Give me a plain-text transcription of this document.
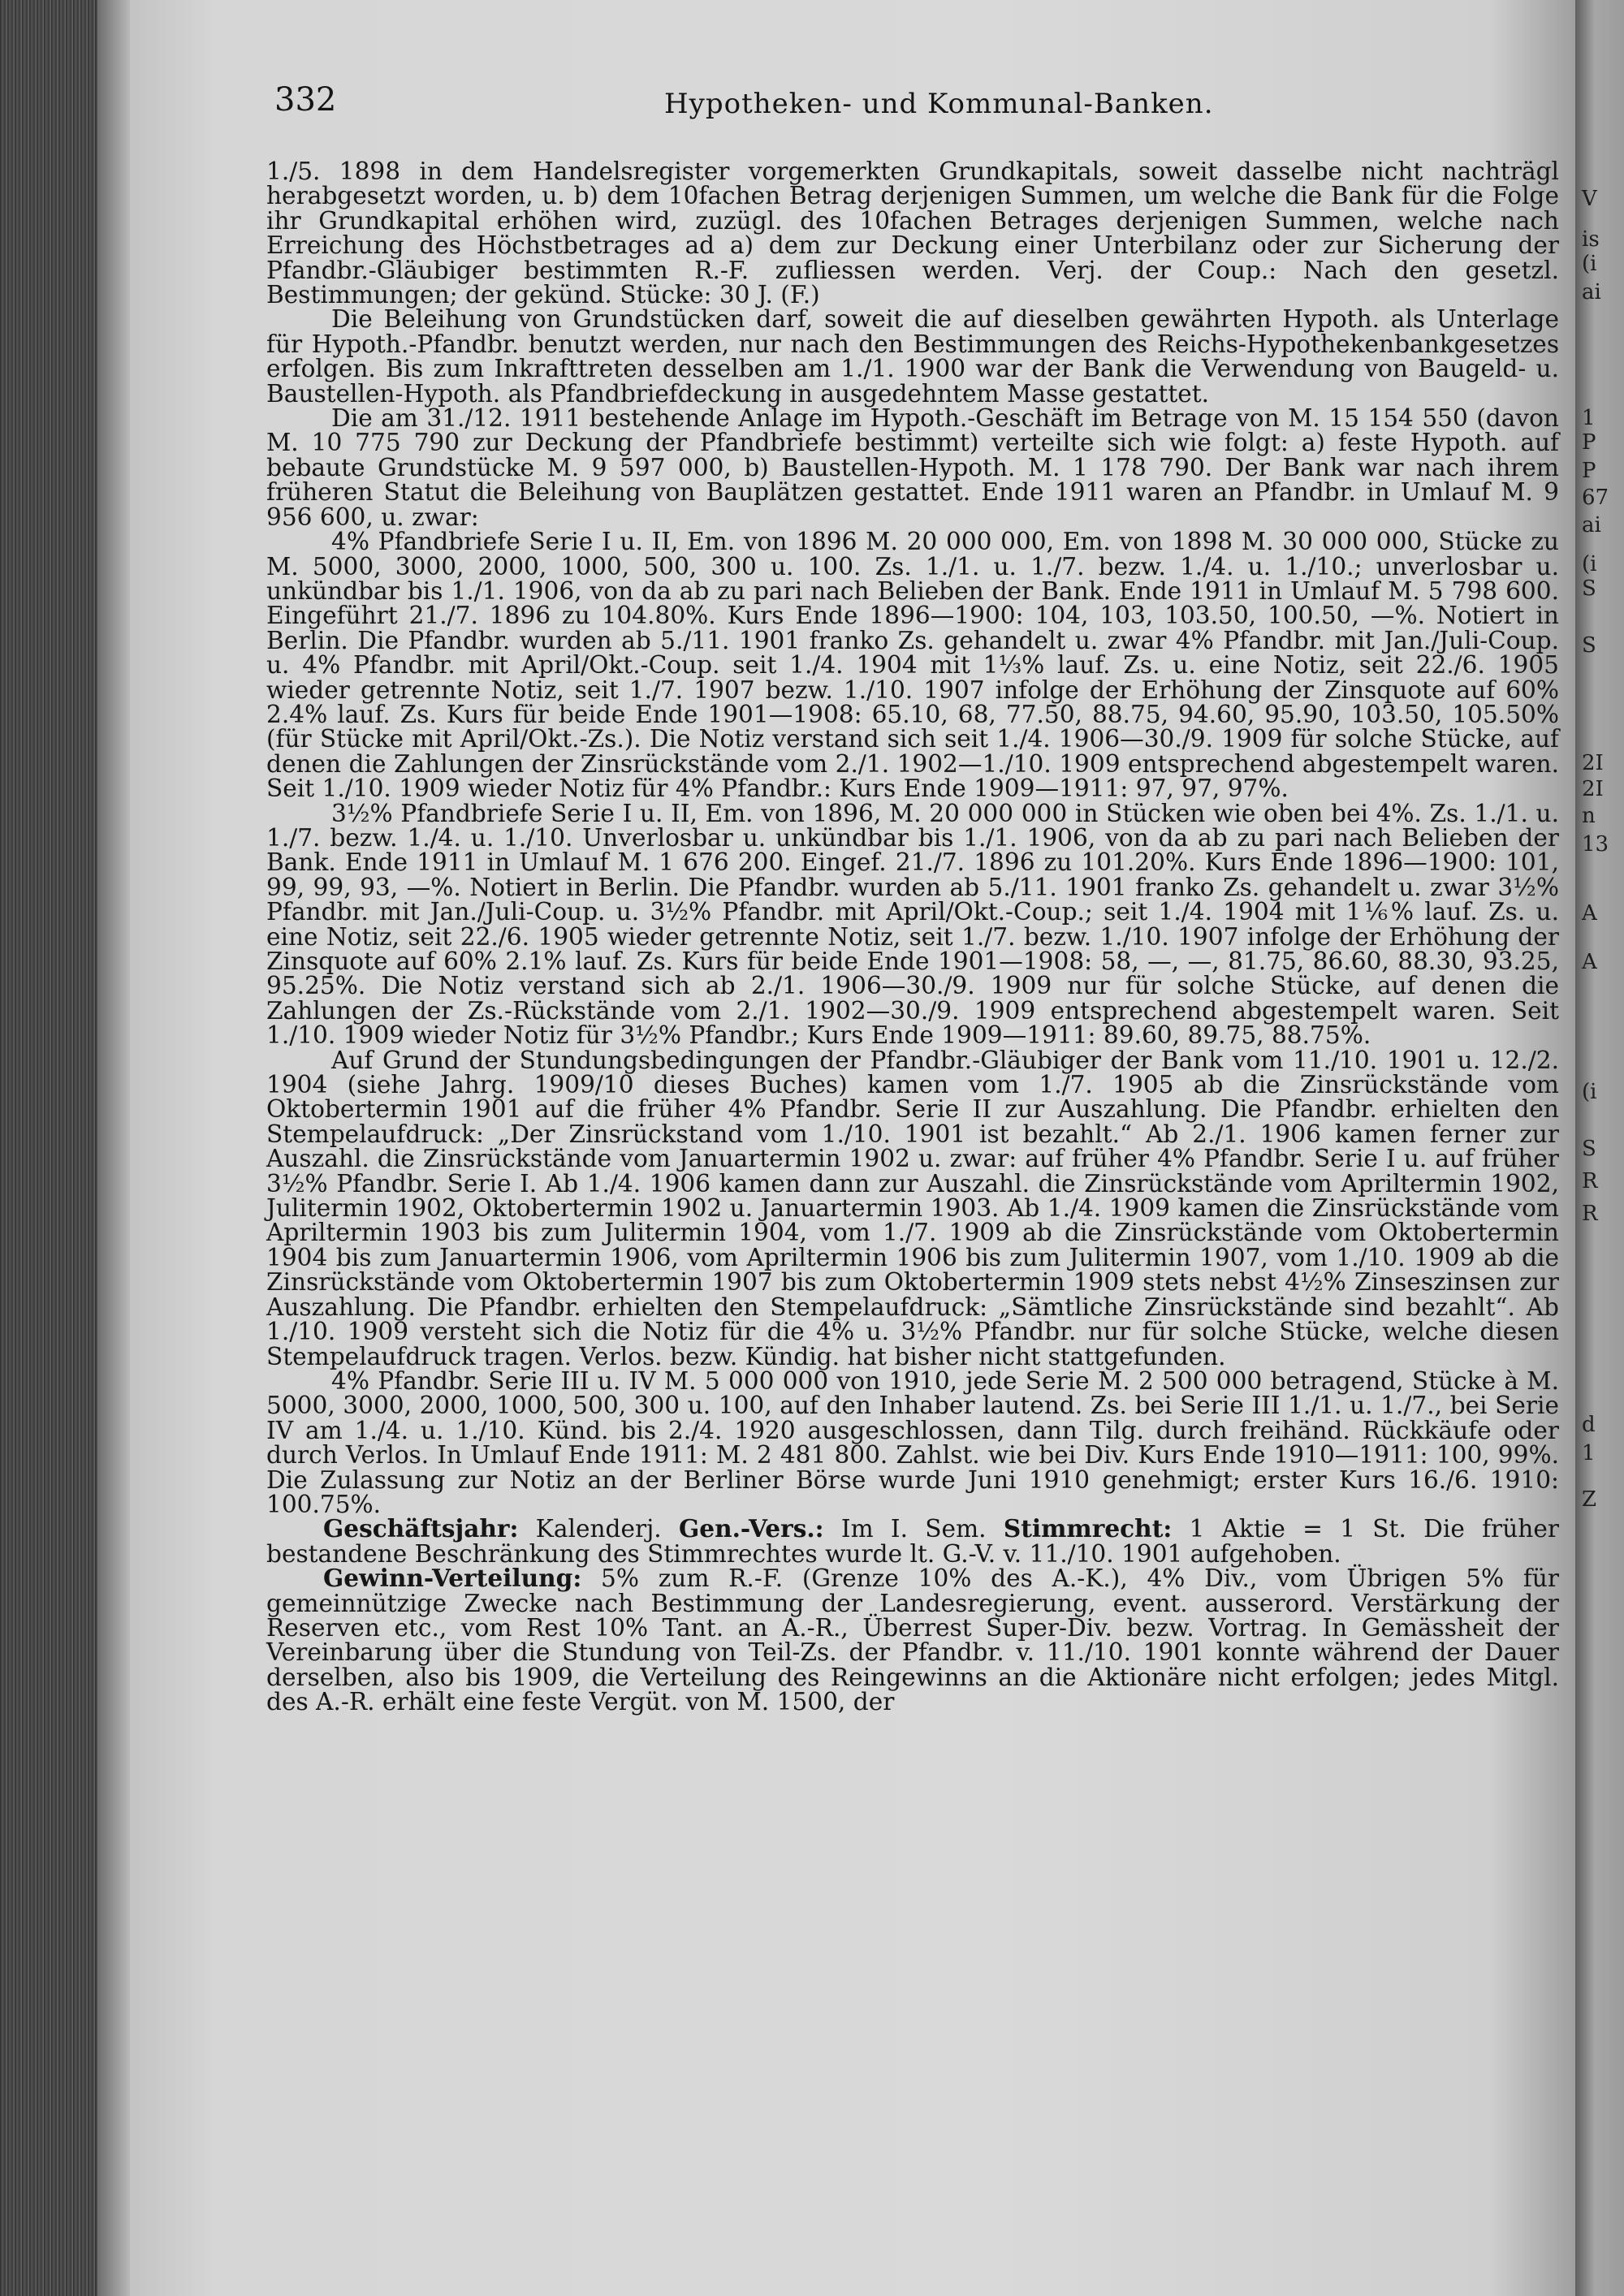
V
is
(i
ai
1
P
P
67
ai
(i
S
S
2I
2I
n
13
A
A
(i
S
R
R
d
1
Z
332	Hypotheken- und Kommunal-Banken.

1./5. 1898 in dem Handelsregister vorgemerkten Grundkapitals, soweit dasselbe nicht nachträgl herabgesetzt worden, u. b) dem 10fachen Betrag derjenigen Summen, um welche die Bank für die Folge ihr Grundkapital erhöhen wird, zuzügl. des 10fachen Betrages derjenigen Summen, welche nach Erreichung des Höchstbetrages ad a) dem zur Deckung einer Unterbilanz oder zur Sicherung der Pfandbr.-Gläubiger bestimmten R.-F. zufliessen werden. Verj. der Coup.: Nach den gesetzl. Bestimmungen; der gekünd. Stücke: 30 J. (F.)

Die Beleihung von Grundstücken darf, soweit die auf dieselben gewährten Hypoth. als Unterlage für Hypoth.-Pfandbr. benutzt werden, nur nach den Bestimmungen des Reichs-Hypothekenbankgesetzes erfolgen. Bis zum Inkrafttreten desselben am 1./1. 1900 war der Bank die Verwendung von Baugeld- u. Baustellen-Hypoth. als Pfandbriefdeckung in ausgedehntem Masse gestattet.

Die am 31./12. 1911 bestehende Anlage im Hypoth.-Geschäft im Betrage von M. 15 154 550 (davon M. 10 775 790 zur Deckung der Pfandbriefe bestimmt) verteilte sich wie folgt: a) feste Hypoth. auf bebaute Grundstücke M. 9 597 000, b) Baustellen-Hypoth. M. 1 178 790. Der Bank war nach ihrem früheren Statut die Beleihung von Bauplätzen gestattet. Ende 1911 waren an Pfandbr. in Umlauf M. 9 956 600, u. zwar:

4% Pfandbriefe Serie I u. II, Em. von 1896 M. 20 000 000, Em. von 1898 M. 30 000 000, Stücke zu M. 5000, 3000, 2000, 1000, 500, 300 u. 100. Zs. 1./1. u. 1./7. bezw. 1./4. u. 1./10.; unverlosbar u. unkündbar bis 1./1. 1906, von da ab zu pari nach Belieben der Bank. Ende 1911 in Umlauf M. 5 798 600. Eingeführt 21./7. 1896 zu 104.80%. Kurs Ende 1896—1900: 104, 103, 103.50, 100.50, —%. Notiert in Berlin. Die Pfandbr. wurden ab 5./11. 1901 franko Zs. gehandelt u. zwar 4% Pfandbr. mit Jan./Juli-Coup. u. 4% Pfandbr. mit April/Okt.-Coup. seit 1./4. 1904 mit 1⅓% lauf. Zs. u. eine Notiz, seit 22./6. 1905 wieder getrennte Notiz, seit 1./7. 1907 bezw. 1./10. 1907 infolge der Erhöhung der Zinsquote auf 60% 2.4% lauf. Zs. Kurs für beide Ende 1901—1908: 65.10, 68, 77.50, 88.75, 94.60, 95.90, 103.50, 105.50% (für Stücke mit April/Okt.-Zs.). Die Notiz verstand sich seit 1./4. 1906—30./9. 1909 für solche Stücke, auf denen die Zahlungen der Zinsrückstände vom 2./1. 1902—1./10. 1909 entsprechend abgestempelt waren. Seit 1./10. 1909 wieder Notiz für 4% Pfandbr.: Kurs Ende 1909—1911: 97, 97, 97%.

3½% Pfandbriefe Serie I u. II, Em. von 1896, M. 20 000 000 in Stücken wie oben bei 4%. Zs. 1./1. u. 1./7. bezw. 1./4. u. 1./10. Unverlosbar u. unkündbar bis 1./1. 1906, von da ab zu pari nach Belieben der Bank. Ende 1911 in Umlauf M. 1 676 200. Eingef. 21./7. 1896 zu 101.20%. Kurs Ende 1896—1900: 101, 99, 99, 93, —%. Notiert in Berlin. Die Pfandbr. wurden ab 5./11. 1901 franko Zs. gehandelt u. zwar 3½% Pfandbr. mit Jan./Juli-Coup. u. 3½% Pfandbr. mit April/Okt.-Coup.; seit 1./4. 1904 mit 1⅙% lauf. Zs. u. eine Notiz, seit 22./6. 1905 wieder getrennte Notiz, seit 1./7. bezw. 1./10. 1907 infolge der Erhöhung der Zinsquote auf 60% 2.1% lauf. Zs. Kurs für beide Ende 1901—1908: 58, —, —, 81.75, 86.60, 88.30, 93.25, 95.25%. Die Notiz verstand sich ab 2./1. 1906—30./9. 1909 nur für solche Stücke, auf denen die Zahlungen der Zs.-Rückstände vom 2./1. 1902—30./9. 1909 entsprechend abgestempelt waren. Seit 1./10. 1909 wieder Notiz für 3½% Pfandbr.; Kurs Ende 1909—1911: 89.60, 89.75, 88.75%.

Auf Grund der Stundungsbedingungen der Pfandbr.-Gläubiger der Bank vom 11./10. 1901 u. 12./2. 1904 (siehe Jahrg. 1909/10 dieses Buches) kamen vom 1./7. 1905 ab die Zinsrückstände vom Oktobertermin 1901 auf die früher 4% Pfandbr. Serie II zur Auszahlung. Die Pfandbr. erhielten den Stempelaufdruck: „Der Zinsrückstand vom 1./10. 1901 ist bezahlt.“ Ab 2./1. 1906 kamen ferner zur Auszahl. die Zinsrückstände vom Januartermin 1902 u. zwar: auf früher 4% Pfandbr. Serie I u. auf früher 3½% Pfandbr. Serie I. Ab 1./4. 1906 kamen dann zur Auszahl. die Zinsrückstände vom Apriltermin 1902, Julitermin 1902, Oktobertermin 1902 u. Januartermin 1903. Ab 1./4. 1909 kamen die Zinsrückstände vom Apriltermin 1903 bis zum Julitermin 1904, vom 1./7. 1909 ab die Zinsrückstände vom Oktobertermin 1904 bis zum Januartermin 1906, vom Apriltermin 1906 bis zum Julitermin 1907, vom 1./10. 1909 ab die Zinsrückstände vom Oktobertermin 1907 bis zum Oktobertermin 1909 stets nebst 4½% Zinseszinsen zur Auszahlung. Die Pfandbr. erhielten den Stempelaufdruck: „Sämtliche Zinsrückstände sind bezahlt“. Ab 1./10. 1909 versteht sich die Notiz für die 4% u. 3½% Pfandbr. nur für solche Stücke, welche diesen Stempelaufdruck tragen. Verlos. bezw. Kündig. hat bisher nicht stattgefunden.

4% Pfandbr. Serie III u. IV M. 5 000 000 von 1910, jede Serie M. 2 500 000 betragend, Stücke à M. 5000, 3000, 2000, 1000, 500, 300 u. 100, auf den Inhaber lautend. Zs. bei Serie III 1./1. u. 1./7., bei Serie IV am 1./4. u. 1./10. Künd. bis 2./4. 1920 ausgeschlossen, dann Tilg. durch freihänd. Rückkäufe oder durch Verlos. In Umlauf Ende 1911: M. 2 481 800. Zahlst. wie bei Div. Kurs Ende 1910—1911: 100, 99%. Die Zulassung zur Notiz an der Berliner Börse wurde Juni 1910 genehmigt; erster Kurs 16./6. 1910: 100.75%.

Geschäftsjahr: Kalenderj. Gen.-Vers.: Im I. Sem. Stimmrecht: 1 Aktie = 1 St. Die früher bestandene Beschränkung des Stimmrechtes wurde lt. G.-V. v. 11./10. 1901 aufgehoben.

Gewinn-Verteilung: 5% zum R.-F. (Grenze 10% des A.-K.), 4% Div., vom Übrigen 5% für gemeinnützige Zwecke nach Bestimmung der Landesregierung, event. ausserord. Verstärkung der Reserven etc., vom Rest 10% Tant. an A.-R., Überrest Super-Div. bezw. Vortrag. In Gemässheit der Vereinbarung über die Stundung von Teil-Zs. der Pfandbr. v. 11./10. 1901 konnte während der Dauer derselben, also bis 1909, die Verteilung des Reingewinns an die Aktionäre nicht erfolgen; jedes Mitgl. des A.-R. erhält eine feste Vergüt. von M. 1500, der
